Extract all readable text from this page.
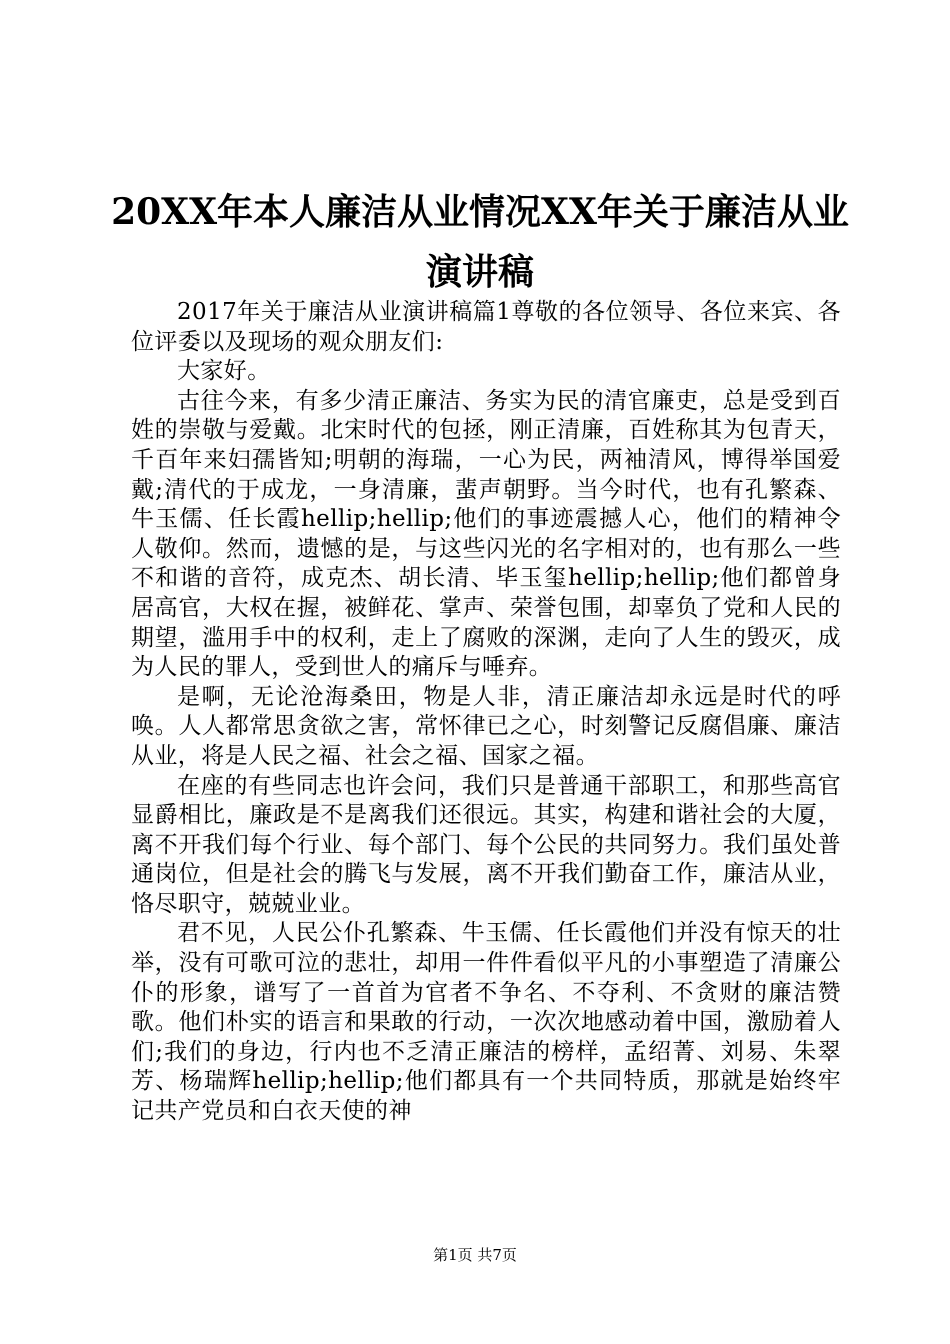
20XX年本人廉洁从业情况XX年关于廉洁从业
演讲稿

2017年关于廉洁从业演讲稿篇1尊敬的各位领导、各位来宾、各位评委以及现场的观众朋友们:

大家好。

古往今来，有多少清正廉洁、务实为民的清官廉吏，总是受到百姓的崇敬与爱戴。北宋时代的包拯，刚正清廉，百姓称其为包青天，千百年来妇孺皆知;明朝的海瑞，一心为民，两袖清风，博得举国爱戴;清代的于成龙，一身清廉，蜚声朝野。当今时代，也有孔繁森、牛玉儒、任长霞hellip;hellip;他们的事迹震撼人心，他们的精神令人敬仰。然而，遗憾的是，与这些闪光的名字相对的，也有那么一些不和谐的音符，成克杰、胡长清、毕玉玺hellip;hellip;他们都曾身居高官，大权在握，被鲜花、掌声、荣誉包围，却辜负了党和人民的期望，滥用手中的权利，走上了腐败的深渊，走向了人生的毁灭，成为人民的罪人，受到世人的痛斥与唾弃。

是啊，无论沧海桑田，物是人非，清正廉洁却永远是时代的呼唤。人人都常思贪欲之害，常怀律已之心，时刻警记反腐倡廉、廉洁从业，将是人民之福、社会之福、国家之福。

在座的有些同志也许会问，我们只是普通干部职工，和那些高官显爵相比，廉政是不是离我们还很远。其实，构建和谐社会的大厦，离不开我们每个行业、每个部门、每个公民的共同努力。我们虽处普通岗位，但是社会的腾飞与发展，离不开我们勤奋工作，廉洁从业，恪尽职守，兢兢业业。

君不见，人民公仆孔繁森、牛玉儒、任长霞他们并没有惊天的壮举，没有可歌可泣的悲壮，却用一件件看似平凡的小事塑造了清廉公仆的形象，谱写了一首首为官者不争名、不夺利、不贪财的廉洁赞歌。他们朴实的语言和果敢的行动，一次次地感动着中国，激励着人们;我们的身边，行内也不乏清正廉洁的榜样，孟绍菁、刘易、朱翠芳、杨瑞辉hellip;hellip;他们都具有一个共同特质，那就是始终牢记共产党员和白衣天使的神

第1页 共7页
